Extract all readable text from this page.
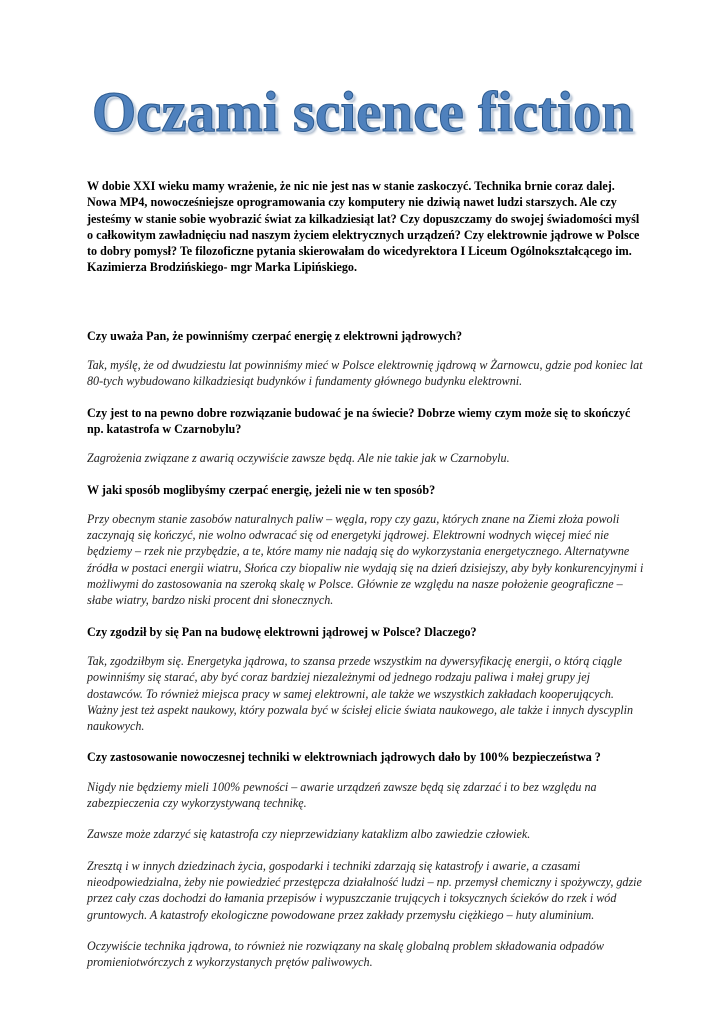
Oczami science fiction

W dobie XXI wieku mamy wrażenie, że nic nie jest nas w stanie zaskoczyć. Technika brnie coraz dalej. Nowa MP4, nowocześniejsze oprogramowania czy komputery nie dziwią nawet ludzi starszych. Ale czy jesteśmy w stanie sobie wyobrazić świat za kilkadziesiąt lat? Czy dopuszczamy do swojej świadomości myśl o całkowitym zawładnięciu nad naszym życiem elektrycznych urządzeń? Czy elektrownie jądrowe w Polsce to dobry pomysł? Te filozoficzne pytania skierowałam do wicedyrektora I Liceum Ogólnokształcącego im. Kazimierza Brodzińskiego- mgr Marka Lipińskiego.

Czy uważa Pan, że powinniśmy czerpać energię z elektrowni jądrowych?

Tak, myślę, że od dwudziestu lat powinniśmy mieć w Polsce elektrownię jądrową w Żarnowcu, gdzie pod koniec lat 80-tych wybudowano kilkadziesiąt budynków i fundamenty głównego budynku elektrowni.

Czy jest to na pewno dobre rozwiązanie budować je na świecie? Dobrze wiemy czym może się to skończyć np. katastrofa w Czarnobylu?

Zagrożenia związane z awarią oczywiście zawsze będą. Ale nie takie jak w Czarnobylu.

W jaki sposób moglibyśmy czerpać energię, jeżeli nie w ten sposób?

Przy obecnym stanie zasobów naturalnych paliw – węgla, ropy czy gazu, których znane na Ziemi złoża powoli zaczynają się kończyć, nie wolno odwracać się od energetyki jądrowej. Elektrowni wodnych więcej mieć nie będziemy – rzek nie przybędzie, a te, które mamy nie nadają się do wykorzystania energetycznego. Alternatywne źródła w postaci energii wiatru, Słońca czy biopaliw nie wydają się na dzień dzisiejszy, aby były konkurencyjnymi i możliwymi do zastosowania na szeroką skalę w Polsce. Głównie ze względu na nasze położenie geograficzne – słabe wiatry, bardzo niski procent dni słonecznych.

Czy zgodził by się Pan na budowę elektrowni jądrowej w Polsce? Dlaczego?

Tak, zgodziłbym się. Energetyka jądrowa, to szansa przede wszystkim na dywersyfikację energii, o którą ciągle powinniśmy się starać, aby być coraz bardziej niezależnymi od jednego rodzaju paliwa i małej grupy jej dostawców. To również miejsca pracy w samej elektrowni, ale także we wszystkich zakładach kooperujących. Ważny jest też aspekt naukowy, który pozwala być w ścisłej elicie świata naukowego, ale także i innych dyscyplin naukowych.

Czy zastosowanie nowoczesnej techniki w elektrowniach jądrowych dało by 100% bezpieczeństwa ?

Nigdy nie będziemy mieli 100% pewności – awarie urządzeń zawsze będą się zdarzać i to bez względu na zabezpieczenia czy wykorzystywaną technikę.

Zawsze może zdarzyć się katastrofa czy nieprzewidziany kataklizm albo zawiedzie człowiek.

Zresztą i w innych dziedzinach życia, gospodarki i techniki zdarzają się katastrofy i awarie, a czasami nieodpowiedzialna, żeby nie powiedzieć przestępcza działalność ludzi – np. przemysł chemiczny i spożywczy, gdzie przez cały czas dochodzi do łamania przepisów i wypuszczanie trujących i toksycznych ścieków do rzek i wód gruntowych. A katastrofy ekologiczne powodowane przez zakłady przemysłu ciężkiego – huty aluminium.

Oczywiście technika jądrowa, to również nie rozwiązany na skalę globalną problem składowania odpadów promieniotwórczych z wykorzystanych prętów paliwowych.
